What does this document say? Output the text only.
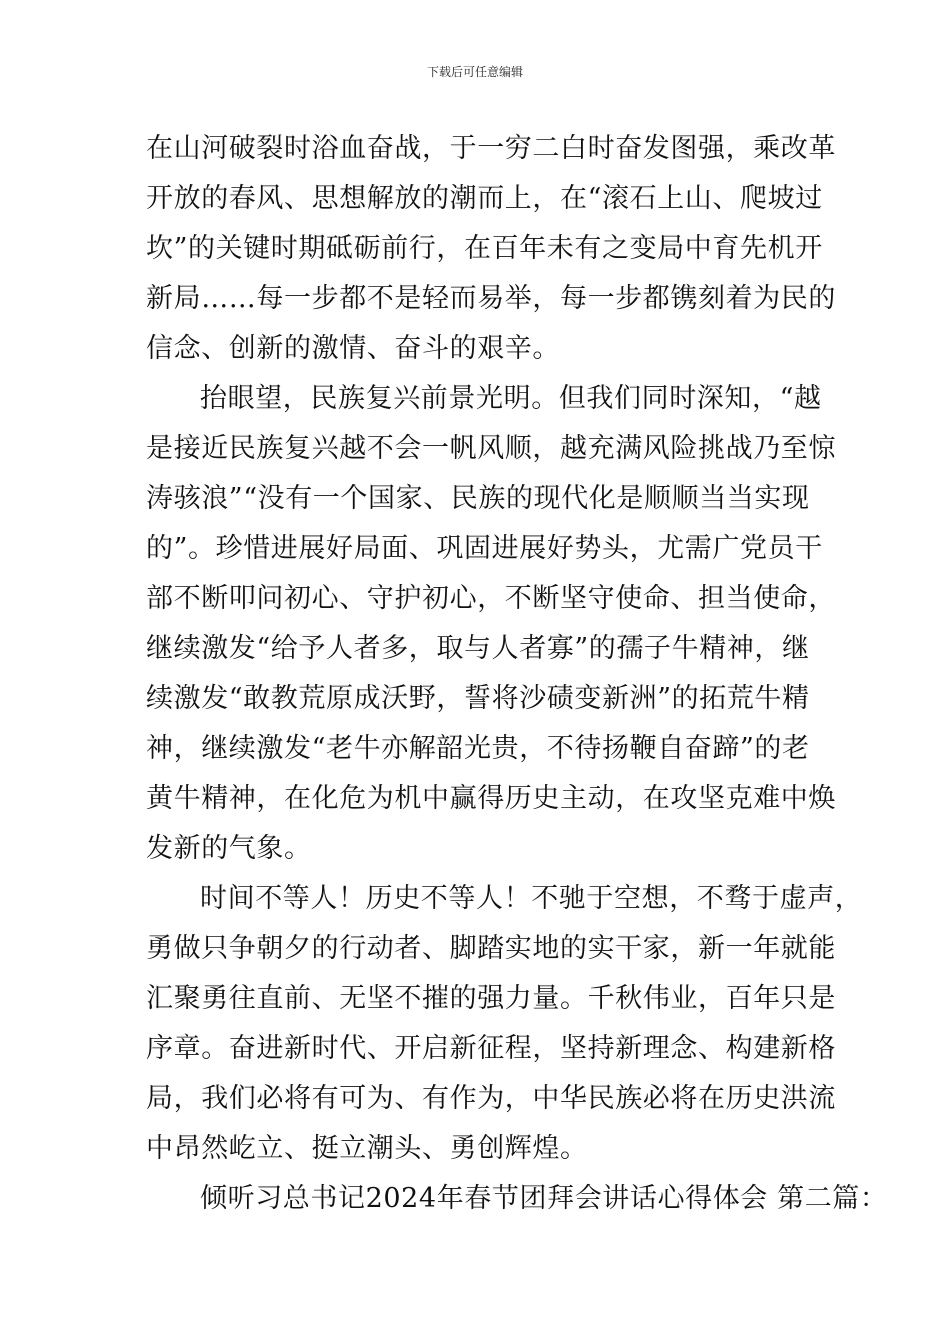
下载后可任意编辑
在山河破裂时浴血奋战，于一穷二白时奋发图强，乘改革
开放的春风、思想解放的潮而上，在“滚石上山、爬坡过
坎”的关键时期砥砺前行，在百年未有之变局中育先机开
新局……每一步都不是轻而易举，每一步都镌刻着为民的
信念、创新的激情、奋斗的艰辛。
抬眼望，民族复兴前景光明。但我们同时深知，“越
是接近民族复兴越不会一帆风顺，越充满风险挑战乃至惊
涛骇浪”“没有一个国家、民族的现代化是顺顺当当实现
的”。珍惜进展好局面、巩固进展好势头，尤需广党员干
部不断叩问初心、守护初心，不断坚守使命、担当使命，
继续激发“给予人者多，取与人者寡”的孺子牛精神，继
续激发“敢教荒原成沃野，誓将沙碛变新洲”的拓荒牛精
神，继续激发“老牛亦解韶光贵，不待扬鞭自奋蹄”的老
黄牛精神，在化危为机中赢得历史主动，在攻坚克难中焕
发新的气象。
时间不等人！历史不等人！不驰于空想，不骛于虚声，
勇做只争朝夕的行动者、脚踏实地的实干家，新一年就能
汇聚勇往直前、无坚不摧的强力量。千秋伟业，百年只是
序章。奋进新时代、开启新征程，坚持新理念、构建新格
局，我们必将有可为、有作为，中华民族必将在历史洪流
中昂然屹立、挺立潮头、勇创辉煌。
倾听习总书记2024年春节团拜会讲话心得体会 第二篇：
